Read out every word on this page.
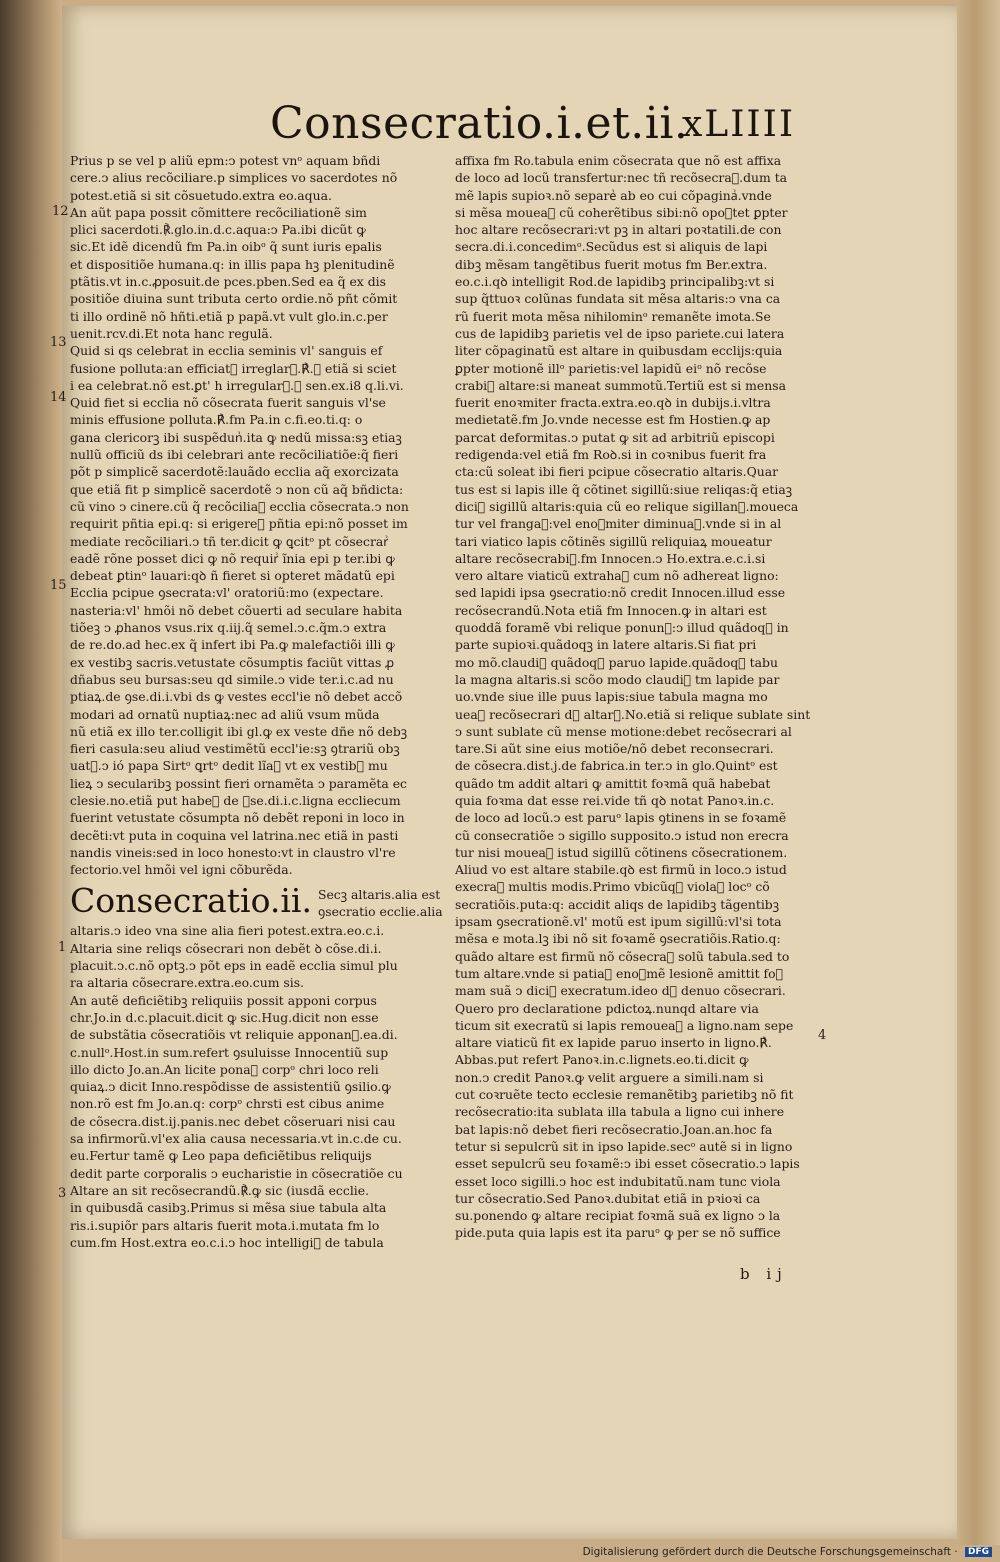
Consecratio.i.et.ii.
xLIIII
12
13
14
15
1
3
4
Prius p se vel p aliũ epm:ↄ potest vnᵒ aquam bñdi
cere.ↄ alius recõciliare.p simplices vo sacerdotes nõ
potest.etiã si sit cõsuetudo.extra eo.aqua.
An aũt papa possit cõmittere recõciliationẽ sim
plici sacerdoti.℟.glo.in.d.c.aqua:ↄ Pa.ibi dicũt ꝙ
sic.Et idẽ dicendũ fm Pa.in oibᵒ q̃ sunt iuris epalis
et dispositiõe humana.q: in illis papa hꝫ plenitudinẽ
ptãtis.vt in.c.ꝓposuit.de pces.pben.Sed ea q̃ ex dis
positiõe diuina sunt tributa certo ordie.nõ pñt cõmit
ti illo ordinẽ nõ hñti.etiã p papã.vt vult glo.in.c.per
uenit.rcv.di.Et nota hanc regulã.
Quid si qs celebrat in ecclia seminis vl' sanguis ef
fusione polluta:an efficiatᷣ irreglarᷣ.℟.ꝙ etiã si sciet
i ea celebrat.nõ est.ꝑt' h irregularᷣ.ꝯ sen.ex.i8 q.li.vi.
Quid fiet si ecclia nõ cõsecrata fuerit sanguis vl'se
minis effusione polluta.℟.fm Pa.in c.fi.eo.ti.q: o
gana clericorꝫ ibi suspẽdunᷣ.ita ꝙ nedũ missa:sꝫ etiaꝫ
nullũ officiũ ds ibi celebrari ante recõciliatiõe:q̃ fieri
põt p simplicẽ sacerdotẽ:lauãdo ecclia aq̃ exorcizata
que etiã fit p simplicẽ sacerdotẽ ↄ non cũ aq̃ bñdicta:
cũ vino ↄ cinere.cũ q̃ recõciliaᷣ ecclia cõsecrata.ↄ non
requirit pñtia epi.q: si erigereᷣ pñtia epi:nõ posset im
mediate recõciliari.ↄ tñ ter.dicit ꝙ ꝗcitᵒ pt cõsecrarᷣ
eadẽ rõne posset dici ꝙ nõ requirᷣ ĩnia epi p ter.ibi ꝙ
debeat ꝑtinᵒ lauari:qꝺ ñ fieret si opteret mãdatũ epi
Ecclia pcipue ꝯsecrata:vl' oratoriũ:mo (expectare.
nasteria:vl' hmõi nõ debet cõuerti ad seculare habita
tiõeꝫ ↄ ꝓhanos vsus.rix q.iij.q̃ semel.ↄ.c.q̃m.ↄ extra
de re.do.ad hec.ex q̃ infert ibi Pa.ꝙ malefactiõi illi ꝙ
ex vestibꝫ sacris.vetustate cõsumptis faciũt vittas ꝓ
dñabus seu bursas:seu qd simile.ↄ vide ter.i.c.ad nu
ptiaꝝ.de ꝯse.di.i.vbi ds ꝙ vestes eccl'ie nõ debet accõ
modari ad ornatũ nuptiaꝝ:nec ad aliũ vsum mũda
nũ etiã ex illo ter.colligit ibi gl.ꝙ ex veste dñe nõ debꝫ
fieri casula:seu aliud vestimẽtũ eccl'ie:sꝫ ꝯtrariũ obꝫ
uatᷣ.ↄ ió papa Sirtᵒ ꝗrtᵒ dedit lĩaꝫ vt ex vestibꝫ mu
lieꝝ ↄ secularibꝫ possint fieri ornamẽta ↄ paramẽta ec
clesie.no.etiã put habeᷣ de ꝯse.di.i.c.ligna eccliecum
fuerint vetustate cõsumpta nõ debẽt reponi in loco in
decẽti:vt puta in coquina vel latrina.nec etiã in pasti
nandis vineis:sed in loco honesto:vt in claustro vl're
fectorio.vel hmõi vel igni cõburẽda.
Consecratio.ii. Secꝫ altaris.alia est
ꝯsecratio ecclie.alia
altaris.ↄ ideo vna sine alia fieri potest.extra.eo.c.i.
Altaria sine reliqs cõsecrari non debẽt ꝺ cõse.di.i.
placuit.ↄ.c.nõ optꝫ.ↄ põt eps in eadẽ ecclia simul plu
ra altaria cõsecrare.extra.eo.cum sis.
An autẽ deficiẽtibꝫ reliquiis possit apponi corpus
chr.Jo.in d.c.placuit.dicit ꝙ sic.Hug.dicit non esse
de substãtia cõsecratiõis vt reliquie apponanᷣ.ea.di.
c.nullᵒ.Host.in sum.refert ꝯsuluisse Innocentiũ sup
illo dicto Jo.an.An licite ponaᷣ corpᵒ chri loco reli
quiaꝝ.ↄ dicit Inno.respõdisse de assistentiũ ꝯsilio.ꝙ
non.rõ est fm Jo.an.q: corpᵒ chrsti est cibus anime
de cõsecra.dist.ij.panis.nec debet cõseruari nisi cau
sa infirmorũ.vl'ex alia causa necessaria.vt in.c.de cu.
eu.Fertur tamẽ ꝙ Leo papa deficiẽtibus reliquijs
dedit parte corporalis ↄ eucharistie in cõsecratiõe cu
Altare an sit recõsecrandũ.℟.ꝙ sic (iusdã ecclie.
in quibusdã casibꝫ.Primus si mẽsa siue tabula alta
ris.i.supiõr pars altaris fuerit mota.i.mutata fm lo
cum.fm Host.extra eo.c.i.ↄ hoc intelligiᷣ de tabula
affixa fm Ro.tabula enim cõsecrata que nõ est affixa
de loco ad locũ transfertur:nec tñ recõsecraᷣ.dum ta
mẽ lapis supioꝛ.nõ separeᷣ ab eo cui cõpaginaᷣ.vnde
si mẽsa moueaᷣ cũ coherẽtibus sibi:nõ opoꝛtet ꝑpter
hoc altare recõsecrari:vt pꝫ in altari poꝛtatili.de con
secra.di.i.concedimᵒ.Secũdus est si aliquis de lapi
dibꝫ mẽsam tangẽtibus fuerit motus fm Ber.extra.
eo.c.i.qꝺ intelligit Rod.de lapidibꝫ principalibꝫ:vt si
sup q̃ttuoꝛ colũnas fundata sit mẽsa altaris:ↄ vna ca
rũ fuerit mota mẽsa nihilominᵒ remanẽte imota.Se
cus de lapidibꝫ parietis vel de ipso pariete.cui latera
liter cõpaginatũ est altare in quibusdam ecclijs:quia
ꝑpter motionẽ illᵒ parietis:vel lapidũ eiᵒ nõ recõse
crabiᷣ altare:si maneat summotũ.Tertiũ est si mensa
fuerit enoꝛmiter fracta.extra.eo.qꝺ in dubijs.i.vltra
medietatẽ.fm Jo.vnde necesse est fm Hostien.ꝙ ap
parcat deformitas.ↄ putat ꝙ sit ad arbitriũ episcopi
redigenda:vel etiã fm Roꝺ.si in coꝛnibus fuerit fra
cta:cũ soleat ibi fieri pcipue cõsecratio altaris.Quar
tus est si lapis ille q̃ cõtinet sigillũ:siue reliqas:q̃ etiaꝫ
diciᷣ sigillũ altaris:quia cũ eo relique sigillanᷣ.moueca
tur vel frangaᷣ:vel enoꝛmiter diminuaᷣ.vnde si in al
tari viatico lapis cõtinẽs sigillũ reliquiaꝝ moueatur
altare recõsecrabiᷣ.fm Innocen.ↄ Ho.extra.e.c.i.si
vero altare viaticũ extrahaᷣ cum nõ adhereat ligno:
sed lapidi ipsa ꝯsecratio:nõ credit Innocen.illud esse
recõsecrandũ.Nota etiã fm Innocen.ꝙ in altari est
quoddã foramẽ vbi relique ponunᷣ:ↄ illud quãdoqꝫ in
parte supioꝛi.quãdoqꝫ in latere altaris.Si fiat pri
mo mõ.claudiᷣ quãdoqꝫ paruo lapide.quãdoqꝫ tabu
la magna altaris.si scõo modo claudiᷣ tm lapide par
uo.vnde siue ille puus lapis:siue tabula magna mo
ueaᷣ recõsecrari dꝫ altarᷣ.No.etiã si relique sublate sint
ↄ sunt sublate cũ mense motione:debet recõsecrari al
tare.Si aũt sine eius motiõe/nõ debet reconsecrari.
de cõsecra.dist.j.de fabrica.in ter.ↄ in glo.Quintᵒ est
quãdo tm addit altari ꝙ amittit foꝛmã quã habebat
quia foꝛma dat esse rei.vide tñ qꝺ notat Panoꝛ.in.c.
de loco ad locũ.ↄ est paruᵒ lapis ꝯtinens in se foꝛamẽ
cũ consecratiõe ↄ sigillo supposito.ↄ istud non erecra
tur nisi moueaᷣ istud sigillũ cõtinens cõsecrationem.
Aliud vo est altare stabile.qꝺ est firmũ in loco.ↄ istud
execraᷣ multis modis.Primo vbicũqꝫ violaᷣ locᵒ cõ
secratiõis.puta:q: accidit aliqs de lapidibꝫ tãgentibꝫ
ipsam ꝯsecrationẽ.vl' motũ est ipum sigillũ:vl'si tota
mẽsa e mota.lꝫ ibi nõ sit foꝛamẽ ꝯsecratiõis.Ratio.q:
quãdo altare est firmũ nõ cõsecraᷣ solũ tabula.sed to
tum altare.vnde si patiaᷣ enoꝛmẽ lesionẽ amittit foꝛ
mam suã ↄ diciᷣ execratum.ideo dꝫ denuo cõsecrari.
Quero pro declaratione pdictoꝝ.nunqd altare via
ticum sit execratũ si lapis remoueaᷣ a ligno.nam sepe
altare viaticũ fit ex lapide paruo inserto in ligno.℟.
Abbas.put refert Panoꝛ.in.c.lignets.eo.ti.dicit ꝙ
non.ↄ credit Panoꝛ.ꝙ velit arguere a simili.nam si
cut coꝛruẽte tecto ecclesie remanẽtibꝫ parietibꝫ nõ fit
recõsecratio:ita sublata illa tabula a ligno cui inhere
bat lapis:nõ debet fieri recõsecratio.Joan.an.hoc fa
tetur si sepulcrũ sit in ipso lapide.secᵒ autẽ si in ligno
esset sepulcrũ seu foꝛamẽ:ↄ ibi esset cõsecratio.ↄ lapis
esset loco sigilli.ↄ hoc est indubitatũ.nam tunc viola
tur cõsecratio.Sed Panoꝛ.dubitat etiã in pꝛioꝛi ca
su.ponendo ꝙ altare recipiat foꝛmã suã ex ligno ↄ la
pide.puta quia lapis est ita paruᵒ ꝙ per se nõ suffice
b ij
Digitalisierung gefördert durch die Deutsche Forschungsgemeinschaft · DFG
